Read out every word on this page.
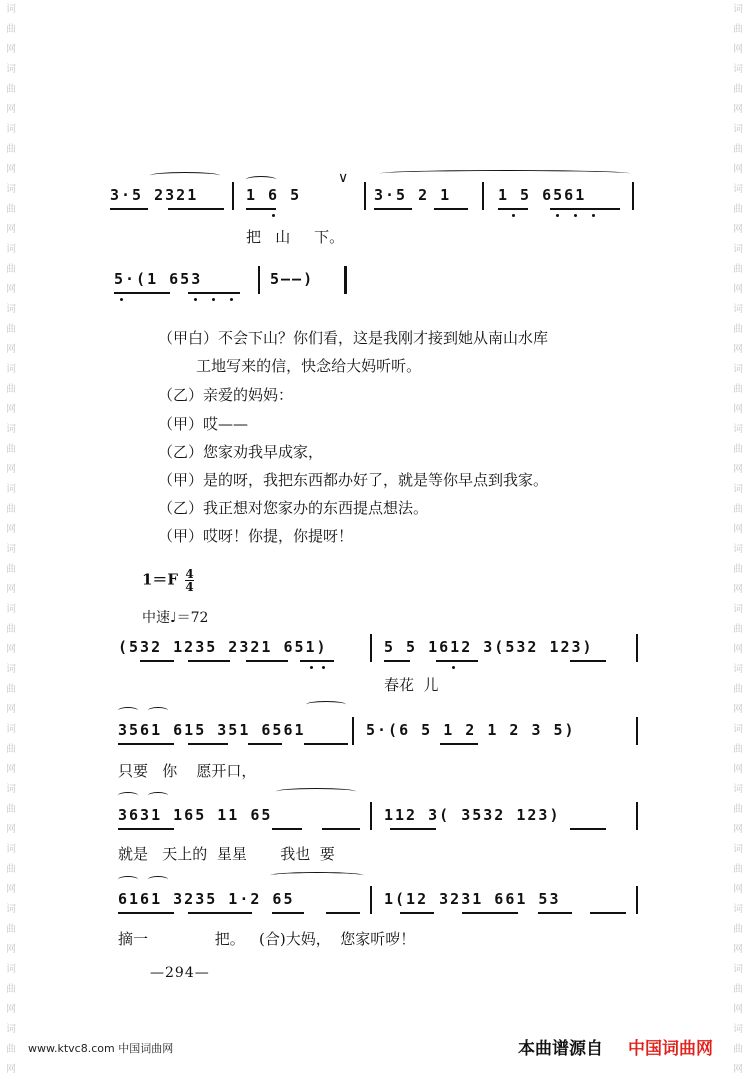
词
曲
网
词
曲
网
词
曲
网
词
曲
网
词
曲
网
词
曲
网
词
曲
网
词
曲
网
词
曲
网
词
曲
网
词
曲
网
词
曲
网
词
曲
网
词
曲
网
词
曲
网
词
曲
网
词
曲
网
词
曲
网
词
曲
网
词
曲
网
词
曲
网
词
曲
网
词
曲
网
词
曲
网
词
曲
网
词
曲
网
词
曲
网
词
曲
网
词
曲
网
词
曲
网
词
曲
网
词
曲
网
词
曲
网
词
曲
网
词
曲
网
词
曲
网
3·5 2321	1 6 5
∨
3·5 2 1	1 5 6561
把   山     下。
5·(1 653	5——)
（甲白）不会下山？你们看，这是我刚才接到她从南山水库
工地写来的信，快念给大妈听听。
（乙）亲爱的妈妈：
（甲）哎——
（乙）您家劝我早成家，
（甲）是的呀，我把东西都办好了，就是等你早点到我家。
（乙）我正想对您家办的东西提点想法。
（甲）哎呀！你提，你提呀！
$1=F \frac{4}{4}$
中速♩＝72
(532 1235 2321 651)	5 5 1612 3(532 123)
春花  儿
3561 615 351 6561	5·(6 5 1 2 1 2 3 5)
只要   你    愿开口，
3631 165 11 65	112 3( 3532 123)
就是   天上的  星星       我也  要
6161 3235 1·2 65	1(12 3231 661 53
摘一              把。   (合)大妈，  您家听哕！
—294—
www.ktvc8.com 中国词曲网	本曲谱源自 中国词曲网
